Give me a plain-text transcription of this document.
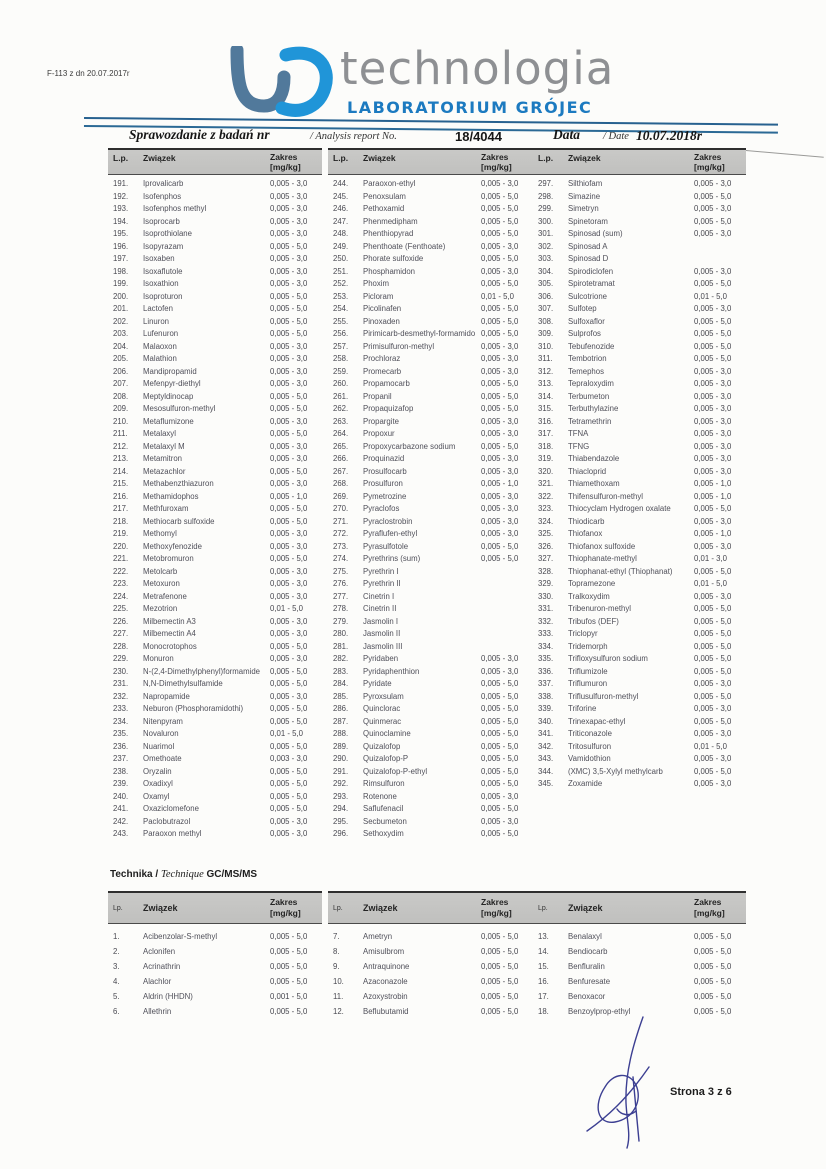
F-113 z dn 20.07.2017r	technologia
LABORATORIUM GRÓJEC
Sprawozdanie z badań nr	/ Analysis report No.	18/4044	Data / Date 10.07.2018r
L.p.	Związek	Zakres
[mg/kg]
191.	Iprovalicarb	0,005 - 3,0
192.	Isofenphos	0,005 - 3,0
193.	Isofenphos methyl	0,005 - 3,0
194.	Isoprocarb	0,005 - 3,0
195.	Isoprothiolane	0,005 - 3,0
196.	Isopyrazam	0,005 - 5,0
197.	Isoxaben	0,005 - 3,0
198.	Isoxaflutole	0,005 - 3,0
199.	Isoxathion	0,005 - 3,0
200.	Isoproturon	0,005 - 5,0
201.	Lactofen	0,005 - 5,0
202.	Linuron	0,005 - 5,0
203.	Lufenuron	0,005 - 5,0
204.	Malaoxon	0,005 - 3,0
205.	Malathion	0,005 - 3,0
206.	Mandipropamid	0,005 - 3,0
207.	Mefenpyr-diethyl	0,005 - 3,0
208.	Meptyldinocap	0,005 - 5,0
209.	Mesosulfuron-methyl	0,005 - 5,0
210.	Metaflumizone	0,005 - 3,0
211.	Metalaxyl	0,005 - 5,0
212.	Metalaxyl M	0,005 - 3,0
213.	Metamitron	0,005 - 3,0
214.	Metazachlor	0,005 - 5,0
215.	Methabenzthiazuron	0,005 - 3,0
216.	Methamidophos	0,005 - 1,0
217.	Methfuroxam	0,005 - 5,0
218.	Methiocarb sulfoxide	0,005 - 5,0
219.	Methomyl	0,005 - 3,0
220.	Methoxyfenozide	0,005 - 3,0
221.	Metobromuron	0,005 - 5,0
222.	Metolcarb	0,005 - 3,0
223.	Metoxuron	0,005 - 3,0
224.	Metrafenone	0,005 - 3,0
225.	Mezotrion	0,01 - 5,0
226.	Milbemectin A3	0,005 - 3,0
227.	Milbemectin A4	0,005 - 3,0
228.	Monocrotophos	0,005 - 5,0
229.	Monuron	0,005 - 3,0
230.	N-(2,4-Dimethylphenyl)formamide	0,005 - 5,0
231.	N,N-Dimethylsulfamide	0,005 - 5,0
232.	Napropamide	0,005 - 3,0
233.	Neburon (Phosphoramidothi)	0,005 - 5,0
234.	Nitenpyram	0,005 - 5,0
235.	Novaluron	0,01 - 5,0
236.	Nuarimol	0,005 - 5,0
237.	Omethoate	0,003 - 3,0
238.	Oryzalin	0,005 - 5,0
239.	Oxadixyl	0,005 - 5,0
240.	Oxamyl	0,005 - 5,0
241.	Oxaziclomefone	0,005 - 5,0
242.	Paclobutrazol	0,005 - 3,0
243.	Paraoxon methyl	0,005 - 3,0
L.p.	Związek	Zakres
[mg/kg]
244.	Paraoxon-ethyl	0,005 - 3,0
245.	Penoxsulam	0,005 - 5,0
246.	Pethoxamid	0,005 - 5,0
247.	Phenmedipham	0,005 - 5,0
248.	Phenthiopyrad	0,005 - 5,0
249.	Phenthoate (Fenthoate)	0,005 - 3,0
250.	Phorate sulfoxide	0,005 - 5,0
251.	Phosphamidon	0,005 - 3,0
252.	Phoxim	0,005 - 5,0
253.	Picloram	0,01 - 5,0
254.	Picolinafen	0,005 - 5,0
255.	Pinoxaden	0,005 - 5,0
256.	Pirimicarb-desmethyl-formamido 0,005 - 5,0
257.	Primisulfuron-methyl	0,005 - 3,0
258.	Prochloraz	0,005 - 3,0
259.	Promecarb	0,005 - 3,0
260.	Propamocarb	0,005 - 5,0
261.	Propanil	0,005 - 5,0
262.	Propaquizafop	0,005 - 5,0
263.	Propargite	0,005 - 3,0
264.	Propoxur	0,005 - 3,0
265.	Propoxycarbazone sodium	0,005 - 5,0
266.	Proquinazid	0,005 - 3,0
267.	Prosulfocarb	0,005 - 3,0
268.	Prosulfuron	0,005 - 1,0
269.	Pymetrozine	0,005 - 3,0
270.	Pyraclofos	0,005 - 3,0
271.	Pyraclostrobin	0,005 - 3,0
272.	Pyraflufen-ethyl	0,005 - 3,0
273.	Pyrasulfotole	0,005 - 5,0
274.	Pyrethrins (sum)	0,005 - 5,0
275.	Pyrethrin I
276.	Pyrethrin II
277.	Cinetrin I
278.	Cinetrin II
279.	Jasmolin I
280.	Jasmolin II
281.	Jasmolin III
282.	Pyridaben	0,005 - 3,0
283.	Pyridaphenthion	0,005 - 3,0
284.	Pyridate	0,005 - 5,0
285.	Pyroxsulam	0,005 - 5,0
286.	Quinclorac	0,005 - 5,0
287.	Quinmerac	0,005 - 5,0
288.	Quinoclamine	0,005 - 5,0
289.	Quizalofop	0,005 - 5,0
290.	Quizalofop-P	0,005 - 5,0
291.	Quizalofop-P-ethyl	0,005 - 5,0
292.	Rimsulfuron	0,005 - 5,0
293.	Rotenone	0,005 - 3,0
294.	Saflufenacil	0,005 - 5,0
295.	Secbumeton	0,005 - 3,0
296.	Sethoxydim	0,005 - 5,0
L.p.	Związek	Zakres
[mg/kg]
297.	Silthiofam	0,005 - 3,0
298.	Simazine	0,005 - 5,0
299.	Simetryn	0,005 - 3,0
300.	Spinetoram	0,005 - 5,0
301.	Spinosad (sum)	0,005 - 3,0
302.	Spinosad A
303.	Spinosad D
304.	Spirodiclofen	0,005 - 3,0
305.	Spirotetramat	0,005 - 5,0
306.	Sulcotrione	0,01 - 5,0
307.	Sulfotep	0,005 - 3,0
308.	Sulfoxaflor	0,005 - 5,0
309.	Sulprofos	0,005 - 5,0
310.	Tebufenozide	0,005 - 5,0
311.	Tembotrion	0,005 - 5,0
312.	Temephos	0,005 - 3,0
313.	Tepraloxydim	0,005 - 3,0
314.	Terbumeton	0,005 - 3,0
315.	Terbuthylazine	0,005 - 3,0
316.	Tetramethrin	0,005 - 3,0
317.	TFNA	0,005 - 3,0
318.	TFNG	0,005 - 3,0
319.	Thiabendazole	0,005 - 3,0
320.	Thiacloprid	0,005 - 3,0
321.	Thiamethoxam	0,005 - 1,0
322.	Thifensulfuron-methyl	0,005 - 1,0
323.	Thiocyclam Hydrogen oxalate	0,005 - 5,0
324.	Thiodicarb	0,005 - 3,0
325.	Thiofanox	0,005 - 1,0
326.	Thiofanox sulfoxide	0,005 - 3,0
327.	Thiophanate-methyl	0,01 - 3,0
328.	Thiophanat-ethyl (Thiophanat)	0,005 - 5,0
329.	Topramezone	0,01 - 5,0
330.	Tralkoxydim	0,005 - 3,0
331.	Tribenuron-methyl	0,005 - 5,0
332.	Tribufos (DEF)	0,005 - 5,0
333.	Triclopyr	0,005 - 5,0
334.	Tridemorph	0,005 - 5,0
335.	Trifloxysulfuron sodium	0,005 - 5,0
336.	Triflumizole	0,005 - 5,0
337.	Triflumuron	0,005 - 3,0
338.	Triflusulfuron-methyl	0,005 - 5,0
339.	Triforine	0,005 - 3,0
340.	Trinexapac-ethyl	0,005 - 5,0
341.	Triticonazole	0,005 - 3,0
342.	Tritosulfuron	0,01 - 5,0
343.	Vamidothion	0,005 - 3,0
344.	(XMC) 3,5-Xylyl methylcarb	0,005 - 5,0
345.	Zoxamide	0,005 - 3,0
Technika / Technique GC/MS/MS
Lp.	Związek
Zakres
[mg/kg]
1.	Acibenzolar-S-methyl	0,005 - 5,0
2.	Aclonifen	0,005 - 5,0
3.	Acrinathrin	0,005 - 5,0
4.	Alachlor	0,005 - 5,0
5.	Aldrin (HHDN)	0,001 - 5,0
6.	Allethrin	0,005 - 5,0
Lp.	Związek
Zakres
[mg/kg]
7.	Ametryn	0,005 - 5,0
8.	Amisulbrom	0,005 - 5,0
9.	Antraquinone	0,005 - 5,0
10.	Azaconazole	0,005 - 5,0
11.	Azoxystrobin	0,005 - 5,0
12.	Beflubutamid	0,005 - 5,0
Lp.	Związek
Zakres
[mg/kg]
13.	Benalaxyl	0,005 - 5,0
14.	Bendiocarb	0,005 - 5,0
15.	Benfluralin	0,005 - 5,0
16.	Benfuresate	0,005 - 5,0
17.	Benoxacor	0,005 - 5,0
18.	Benzoylprop-ethyl	0,005 - 5,0
Strona 3 z 6
